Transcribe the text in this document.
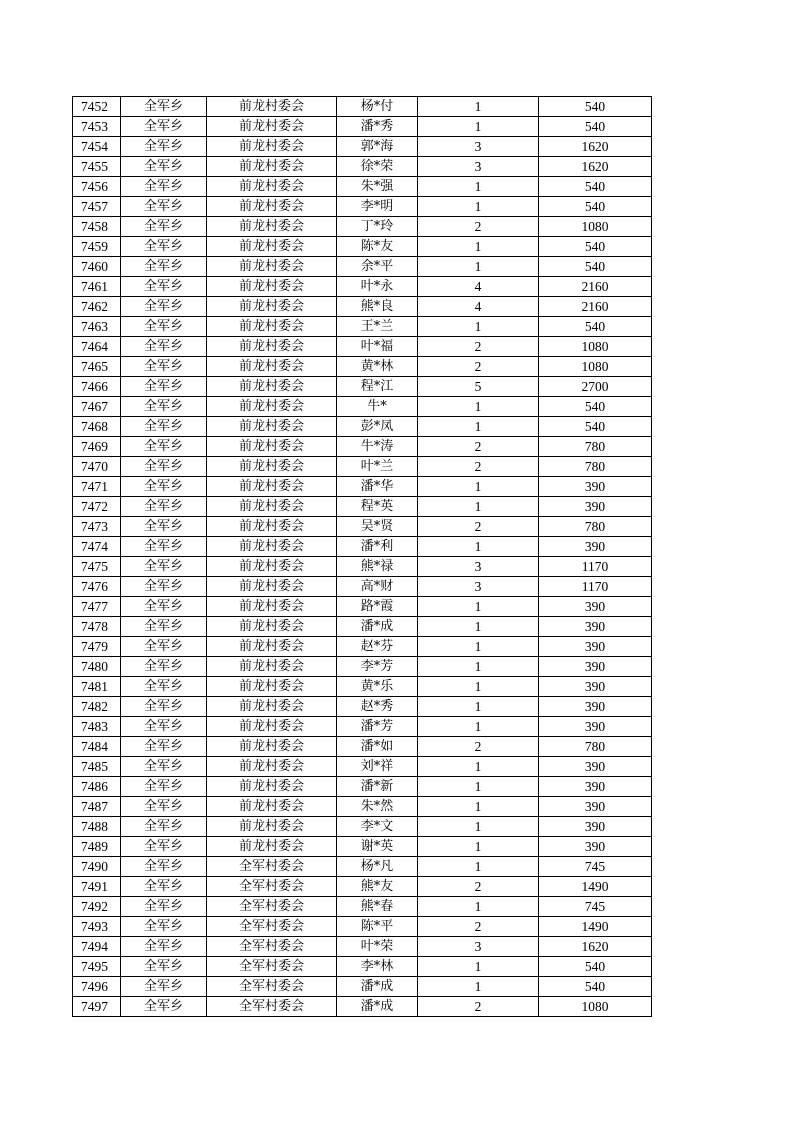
7452	全军乡	前龙村委会	杨*付	1	540
7453	全军乡	前龙村委会	潘*秀	1	540
7454	全军乡	前龙村委会	郭*海	3	1620
7455	全军乡	前龙村委会	徐*荣	3	1620
7456	全军乡	前龙村委会	朱*强	1	540
7457	全军乡	前龙村委会	李*明	1	540
7458	全军乡	前龙村委会	丁*玲	2	1080
7459	全军乡	前龙村委会	陈*友	1	540
7460	全军乡	前龙村委会	余*平	1	540
7461	全军乡	前龙村委会	叶*永	4	2160
7462	全军乡	前龙村委会	熊*良	4	2160
7463	全军乡	前龙村委会	王*兰	1	540
7464	全军乡	前龙村委会	叶*福	2	1080
7465	全军乡	前龙村委会	黄*林	2	1080
7466	全军乡	前龙村委会	程*江	5	2700
7467	全军乡	前龙村委会	牛*	1	540
7468	全军乡	前龙村委会	彭*凤	1	540
7469	全军乡	前龙村委会	牛*涛	2	780
7470	全军乡	前龙村委会	叶*兰	2	780
7471	全军乡	前龙村委会	潘*华	1	390
7472	全军乡	前龙村委会	程*英	1	390
7473	全军乡	前龙村委会	吴*贤	2	780
7474	全军乡	前龙村委会	潘*利	1	390
7475	全军乡	前龙村委会	熊*禄	3	1170
7476	全军乡	前龙村委会	高*财	3	1170
7477	全军乡	前龙村委会	路*霞	1	390
7478	全军乡	前龙村委会	潘*成	1	390
7479	全军乡	前龙村委会	赵*芬	1	390
7480	全军乡	前龙村委会	李*芳	1	390
7481	全军乡	前龙村委会	黄*乐	1	390
7482	全军乡	前龙村委会	赵*秀	1	390
7483	全军乡	前龙村委会	潘*芳	1	390
7484	全军乡	前龙村委会	潘*如	2	780
7485	全军乡	前龙村委会	刘*祥	1	390
7486	全军乡	前龙村委会	潘*新	1	390
7487	全军乡	前龙村委会	朱*然	1	390
7488	全军乡	前龙村委会	李*文	1	390
7489	全军乡	前龙村委会	谢*英	1	390
7490	全军乡	全军村委会	杨*凡	1	745
7491	全军乡	全军村委会	熊*友	2	1490
7492	全军乡	全军村委会	熊*春	1	745
7493	全军乡	全军村委会	陈*平	2	1490
7494	全军乡	全军村委会	叶*荣	3	1620
7495	全军乡	全军村委会	李*林	1	540
7496	全军乡	全军村委会	潘*成	1	540
7497	全军乡	全军村委会	潘*成	2	1080
